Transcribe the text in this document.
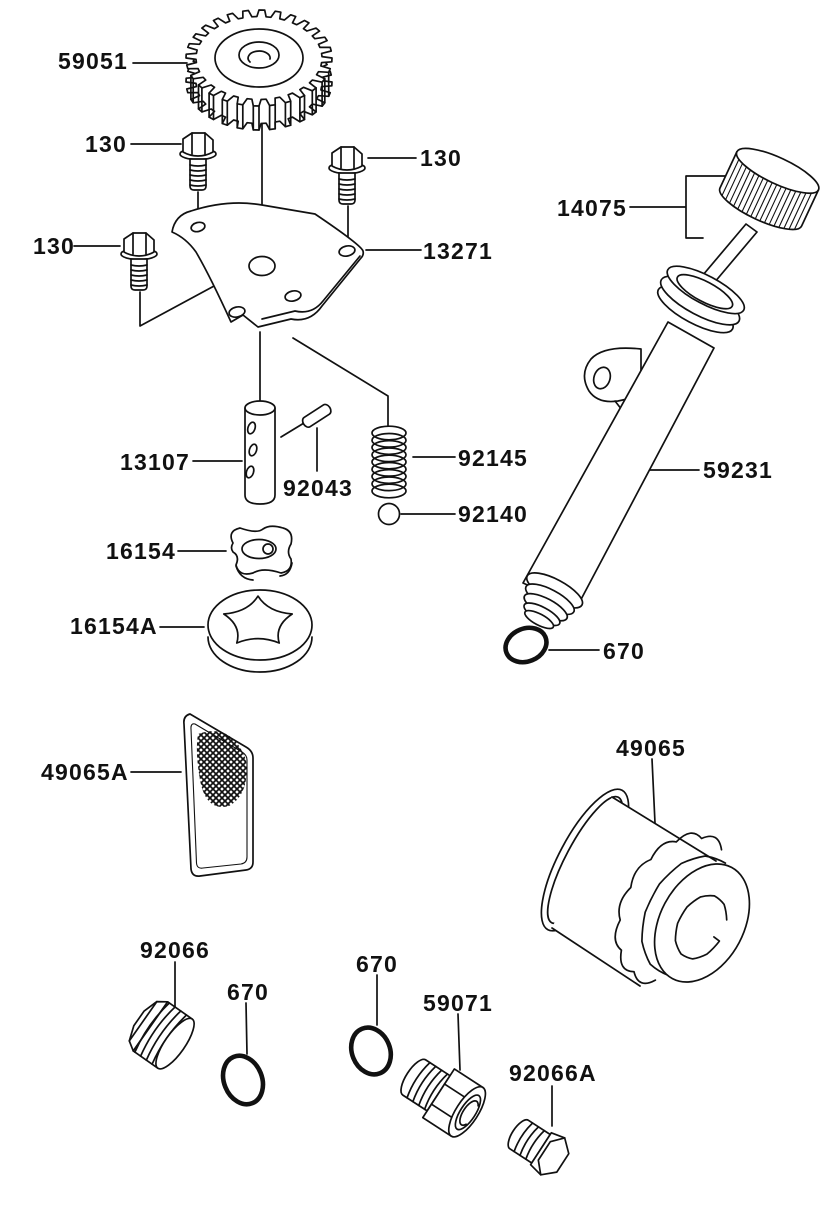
59051
130
130
130	13271
14075
13107
92043
92145
92140
16154
16154A
59231
670
49065A
49065
92066
670
670
59071
92066A
